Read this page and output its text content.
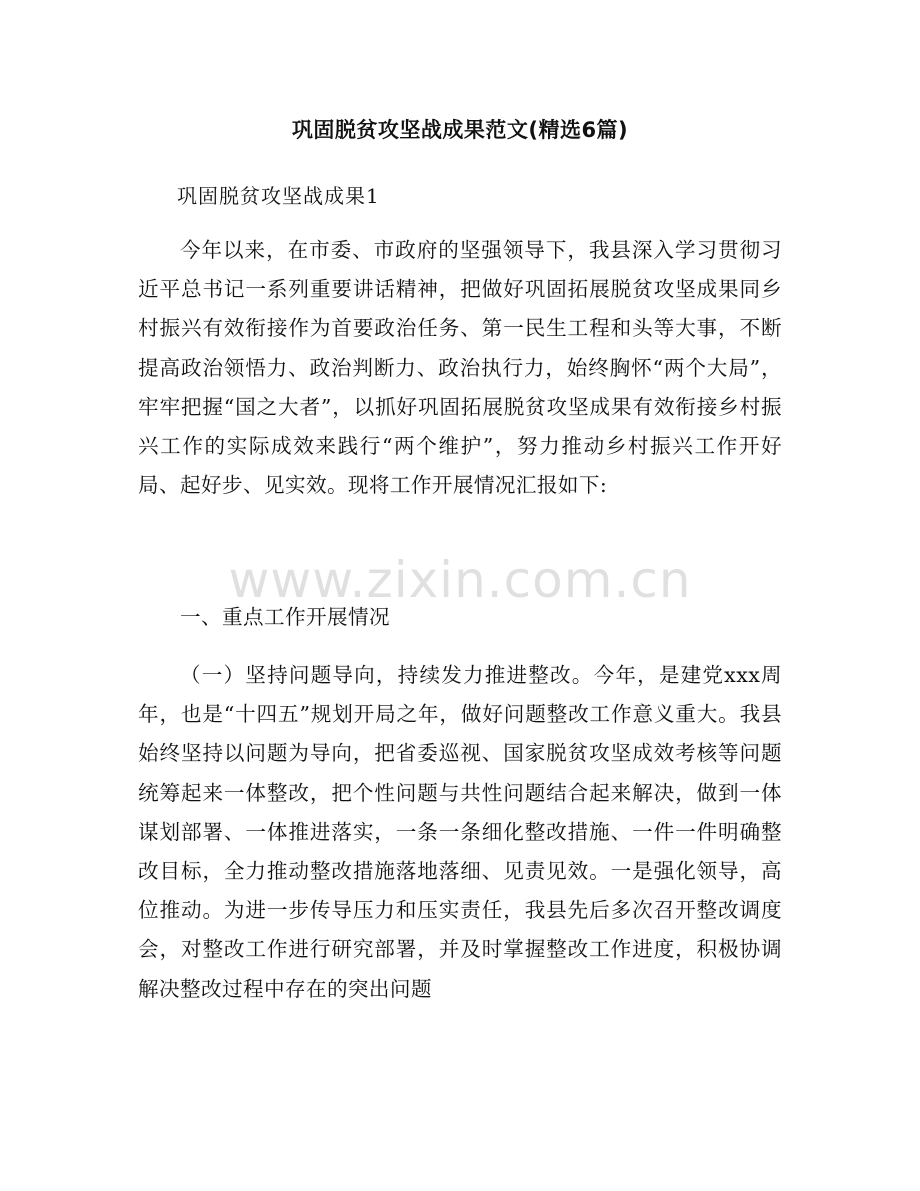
巩固脱贫攻坚战成果范文(精选6篇)

巩固脱贫攻坚战成果1

今年以来，在市委、市政府的坚强领导下，我县深入学习贯彻习近平总书记一系列重要讲话精神，把做好巩固拓展脱贫攻坚成果同乡村振兴有效衔接作为首要政治任务、第一民生工程和头等大事，不断提高政治领悟力、政治判断力、政治执行力，始终胸怀“两个大局”，牢牢把握“国之大者”，以抓好巩固拓展脱贫攻坚成果有效衔接乡村振兴工作的实际成效来践行“两个维护”，努力推动乡村振兴工作开好局、起好步、见实效。现将工作开展情况汇报如下:

一、重点工作开展情况

（一）坚持问题导向，持续发力推进整改。今年，是建党xxx周年，也是“十四五”规划开局之年，做好问题整改工作意义重大。我县始终坚持以问题为导向，把省委巡视、国家脱贫攻坚成效考核等问题统筹起来一体整改，把个性问题与共性问题结合起来解决，做到一体谋划部署、一体推进落实，一条一条细化整改措施、一件一件明确整改目标，全力推动整改措施落地落细、见责见效。一是强化领导，高位推动。为进一步传导压力和压实责任，我县先后多次召开整改调度会，对整改工作进行研究部署，并及时掌握整改工作进度，积极协调解决整改过程中存在的突出问题

www.zixin.com.cn
